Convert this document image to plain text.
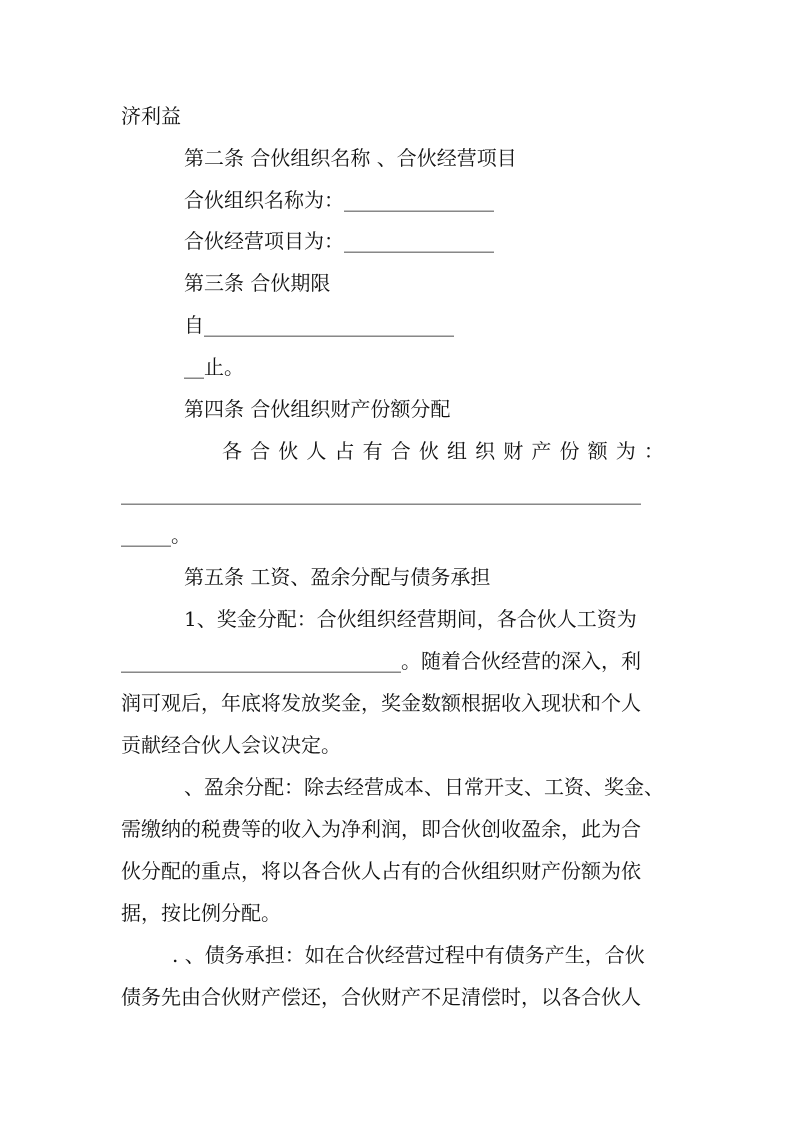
济利益
第二条 合伙组织名称 、合伙经营项目
合伙组织名称为：_______________
合伙经营项目为：_______________
第三条 合伙期限
自_________________________
__止。
第四条 合伙组织财产份额分配
各 合 伙 人 占 有 合 伙 组 织 财 产 份 额 为 ：
____________________________________________________
_____。
第五条 工资、盈余分配与债务承担
1、奖金分配：合伙组织经营期间，各合伙人工资为
____________________________。随着合伙经营的深入，利
润可观后，年底将发放奖金，奖金数额根据收入现状和个人
贡献经合伙人会议决定。
、盈余分配：除去经营成本、日常开支、工资、奖金、
需缴纳的税费等的收入为净利润，即合伙创收盈余，此为合
伙分配的重点，将以各合伙人占有的合伙组织财产份额为依
据，按比例分配。
. 、债务承担：如在合伙经营过程中有债务产生，合伙
债务先由合伙财产偿还，合伙财产不足清偿时，以各合伙人
